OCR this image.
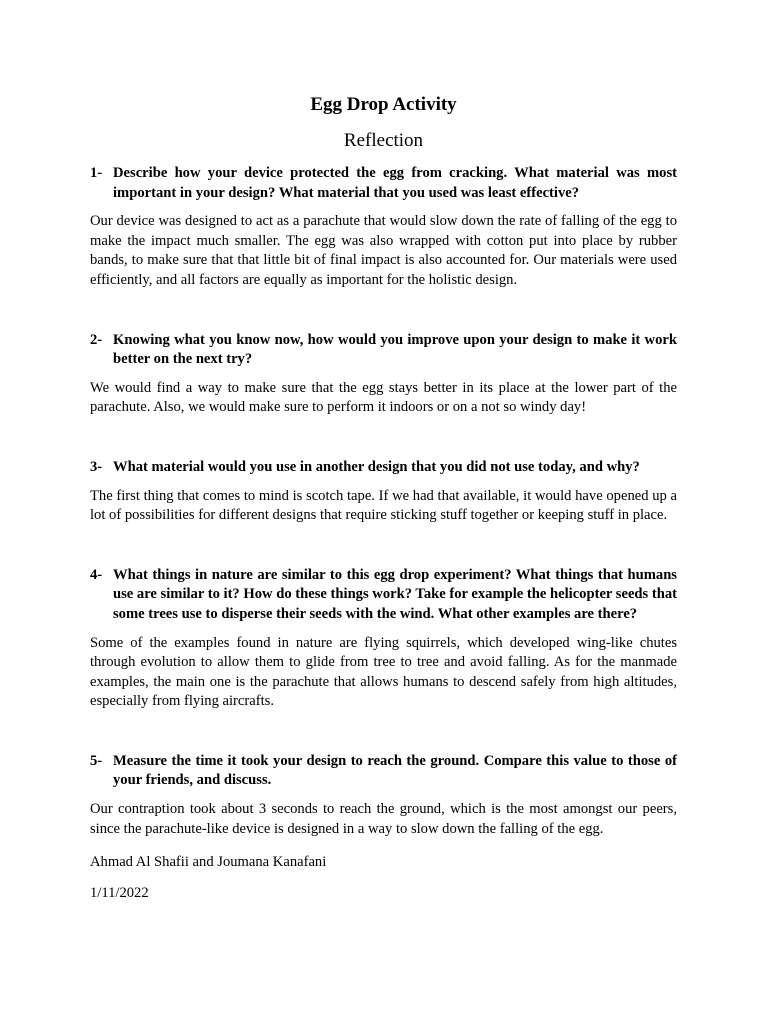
Egg Drop Activity
Reflection
1- Describe how your device protected the egg from cracking. What material was most important in your design? What material that you used was least effective?

Our device was designed to act as a parachute that would slow down the rate of falling of the egg to make the impact much smaller. The egg was also wrapped with cotton put into place by rubber bands, to make sure that that little bit of final impact is also accounted for. Our materials were used efficiently, and all factors are equally as important for the holistic design.

2- Knowing what you know now, how would you improve upon your design to make it work better on the next try?

We would find a way to make sure that the egg stays better in its place at the lower part of the parachute. Also, we would make sure to perform it indoors or on a not so windy day!

3- What material would you use in another design that you did not use today, and why?

The first thing that comes to mind is scotch tape. If we had that available, it would have opened up a lot of possibilities for different designs that require sticking stuff together or keeping stuff in place.

4- What things in nature are similar to this egg drop experiment? What things that humans use are similar to it? How do these things work? Take for example the helicopter seeds that some trees use to disperse their seeds with the wind. What other examples are there?

Some of the examples found in nature are flying squirrels, which developed wing-like chutes through evolution to allow them to glide from tree to tree and avoid falling. As for the manmade examples, the main one is the parachute that allows humans to descend safely from high altitudes, especially from flying aircrafts.

5- Measure the time it took your design to reach the ground. Compare this value to those of your friends, and discuss.

Our contraption took about 3 seconds to reach the ground, which is the most amongst our peers, since the parachute-like device is designed in a way to slow down the falling of the egg.

Ahmad Al Shafii and Joumana Kanafani

1/11/2022
